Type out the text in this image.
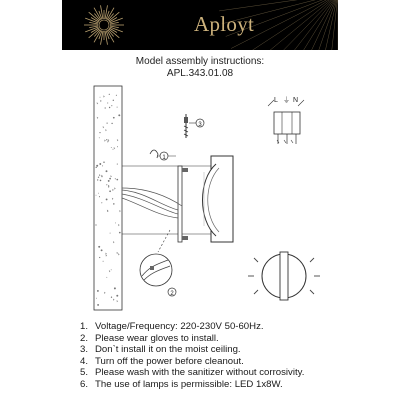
Aployt
Model assembly instructions:
APL.343.01.08
3
1
2
L ⏚ N
1. Voltage/Frequency: 220-230V 50-60Hz.
2. Please wear gloves to install.
3. Don`t install it on the moist ceiling.
4. Turn off the power before cleanout.
5. Please wash with the sanitizer without corrosivity.
6. The use of lamps is permissible: LED 1x8W.
